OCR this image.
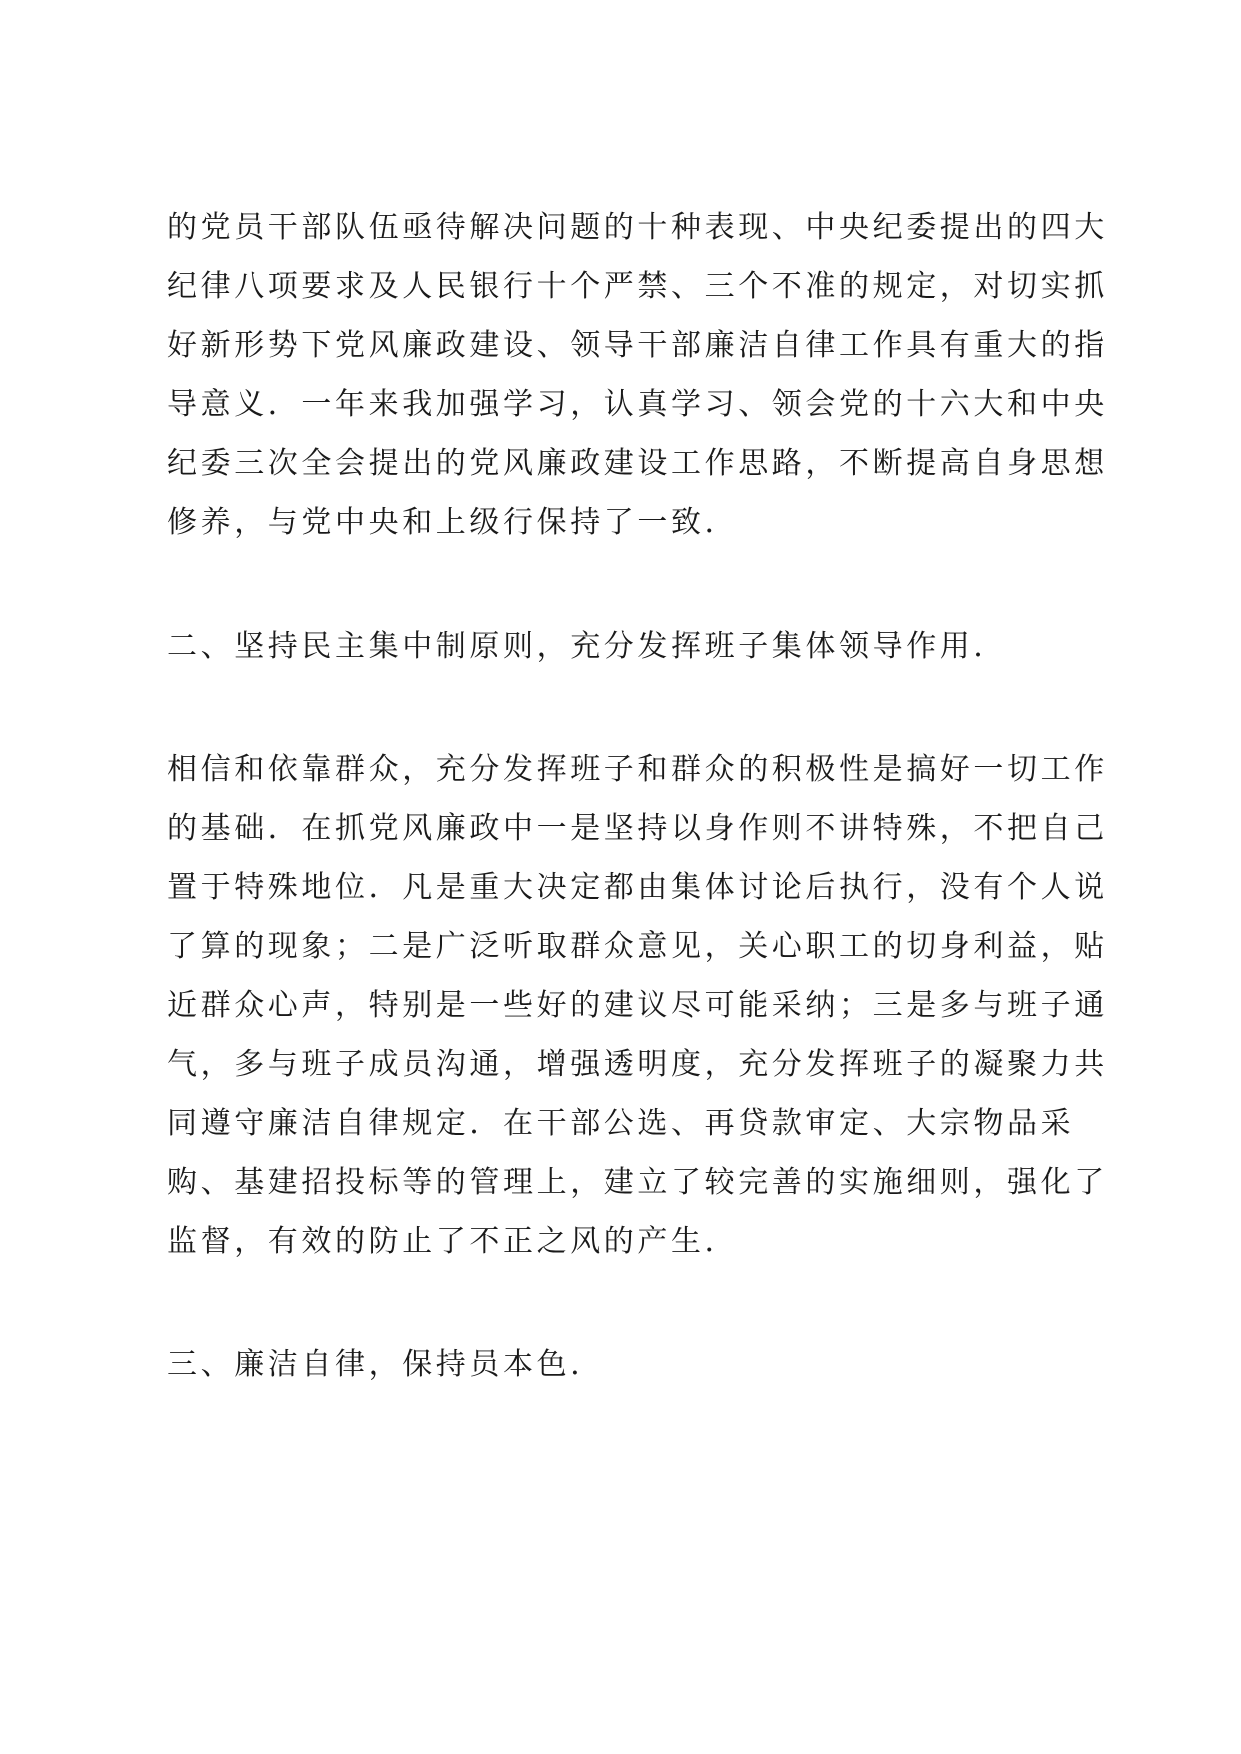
的党员干部队伍亟待解决问题的十种表现、中央纪委提出的四大
纪律八项要求及人民银行十个严禁、三个不准的规定，对切实抓
好新形势下党风廉政建设、领导干部廉洁自律工作具有重大的指
导意义．一年来我加强学习，认真学习、领会党的十六大和中央
纪委三次全会提出的党风廉政建设工作思路，不断提高自身思想
修养，与党中央和上级行保持了一致．
二、坚持民主集中制原则，充分发挥班子集体领导作用．
相信和依靠群众，充分发挥班子和群众的积极性是搞好一切工作
的基础．在抓党风廉政中一是坚持以身作则不讲特殊，不把自己
置于特殊地位．凡是重大决定都由集体讨论后执行，没有个人说
了算的现象；二是广泛听取群众意见，关心职工的切身利益，贴
近群众心声，特别是一些好的建议尽可能采纳；三是多与班子通
气，多与班子成员沟通，增强透明度，充分发挥班子的凝聚力共
同遵守廉洁自律规定．在干部公选、再贷款审定、大宗物品采
购、基建招投标等的管理上，建立了较完善的实施细则，强化了
监督，有效的防止了不正之风的产生．
三、廉洁自律，保持员本色．
